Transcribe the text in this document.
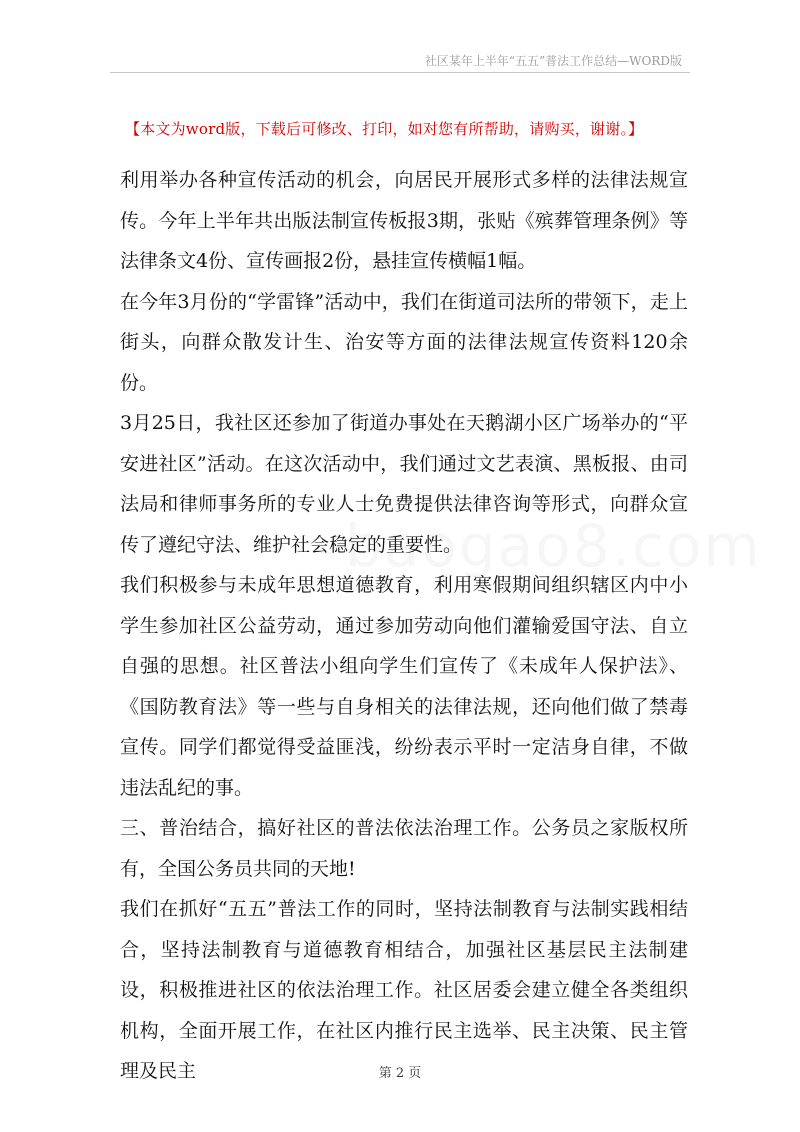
社区某年上半年“五五”普法工作总结—WORD版
【本文为word版，下载后可修改、打印，如对您有所帮助，请购买，谢谢。】

利用举办各种宣传活动的机会，向居民开展形式多样的法律法规宣传。今年上半年共出版法制宣传板报3期，张贴《殡葬管理条例》等法律条文4份、宣传画报2份，悬挂宣传横幅1幅。

在今年3月份的“学雷锋”活动中，我们在街道司法所的带领下，走上街头，向群众散发计生、治安等方面的法律法规宣传资料120余份。

3月25日，我社区还参加了街道办事处在天鹅湖小区广场举办的“平安进社区”活动。在这次活动中，我们通过文艺表演、黑板报、由司法局和律师事务所的专业人士免费提供法律咨询等形式，向群众宣传了遵纪守法、维护社会稳定的重要性。

我们积极参与未成年思想道德教育，利用寒假期间组织辖区内中小学生参加社区公益劳动，通过参加劳动向他们灌输爱国守法、自立自强的思想。社区普法小组向学生们宣传了《未成年人保护法》、《国防教育法》等一些与自身相关的法律法规，还向他们做了禁毒宣传。同学们都觉得受益匪浅，纷纷表示平时一定洁身自律，不做违法乱纪的事。

三、普治结合，搞好社区的普法依法治理工作。公务员之家版权所有，全国公务员共同的天地!

我们在抓好“五五”普法工作的同时，坚持法制教育与法制实践相结合，坚持法制教育与道德教育相结合，加强社区基层民主法制建设，积极推进社区的依法治理工作。社区居委会建立健全各类组织机构，全面开展工作，在社区内推行民主选举、民主决策、民主管理及民主	第 2 页
